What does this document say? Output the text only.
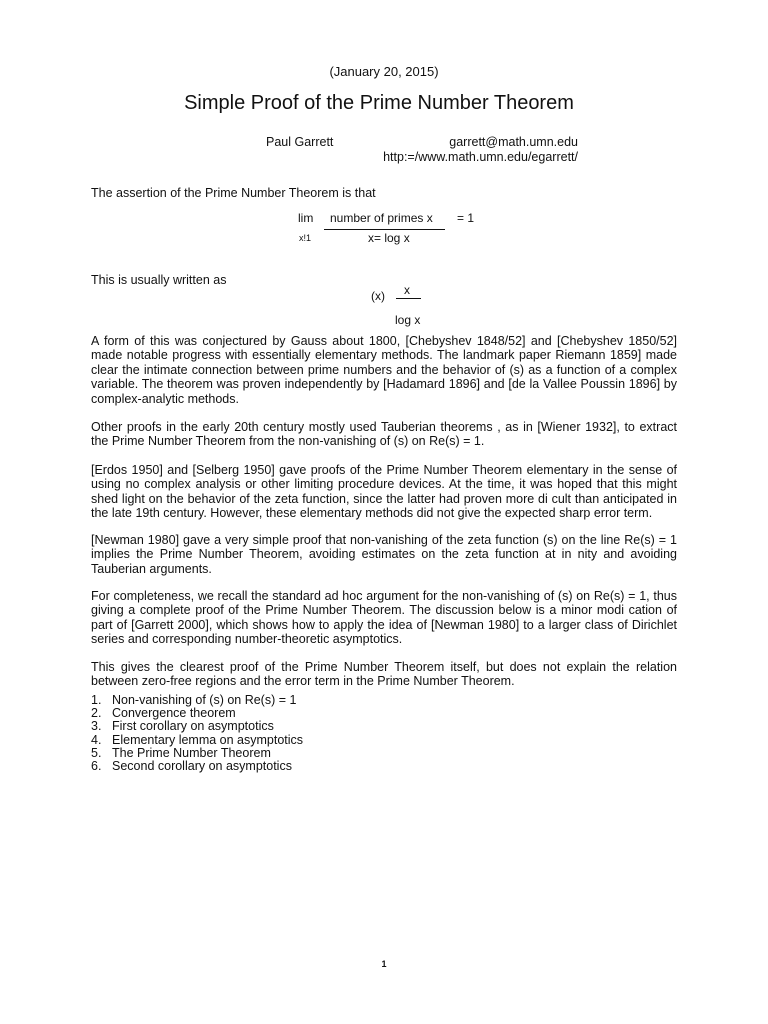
(January 20, 2015)
Simple Proof of the Prime Number Theorem
Paul Garrett	garrett@math.umn.edu
http:=/www.math.umn.edu/egarrett/
The assertion of the Prime Number Theorem is that
lim
x!1
number of primes x
x= log x
= 1
This is usually written as
(x) x
log x

A form of this was conjectured by Gauss about 1800, [Chebyshev 1848/52] and [Chebyshev 1850/52] made notable progress with essentially elementary methods. The landmark paper Riemann 1859] made clear the intimate connection between prime numbers and the behavior of (s) as a function of a complex variable. The theorem was proven independently by [Hadamard 1896] and [de la Vallee Poussin 1896] by complex-analytic methods.

Other proofs in the early 20th century mostly used Tauberian theorems , as in [Wiener 1932], to extract the Prime Number Theorem from the non-vanishing of (s) on Re(s) = 1.

[Erdos 1950] and [Selberg 1950] gave proofs of the Prime Number Theorem elementary in the sense of using no complex analysis or other limiting procedure devices. At the time, it was hoped that this might shed light on the behavior of the zeta function, since the latter had proven more di cult than anticipated in the late 19th century. However, these elementary methods did not give the expected sharp error term.

[Newman 1980] gave a very simple proof that non-vanishing of the zeta function (s) on the line Re(s) = 1 implies the Prime Number Theorem, avoiding estimates on the zeta function at in nity and avoiding Tauberian arguments.

For completeness, we recall the standard ad hoc argument for the non-vanishing of (s) on Re(s) = 1, thus giving a complete proof of the Prime Number Theorem. The discussion below is a minor modi cation of part of [Garrett 2000], which shows how to apply the idea of [Newman 1980] to a larger class of Dirichlet series and corresponding number-theoretic asymptotics.

This gives the clearest proof of the Prime Number Theorem itself, but does not explain the relation between zero-free regions and the error term in the Prime Number Theorem.

1. Non-vanishing of (s) on Re(s) = 1
2. Convergence theorem
3. First corollary on asymptotics
4. Elementary lemma on asymptotics
5. The Prime Number Theorem
6. Second corollary on asymptotics
1
